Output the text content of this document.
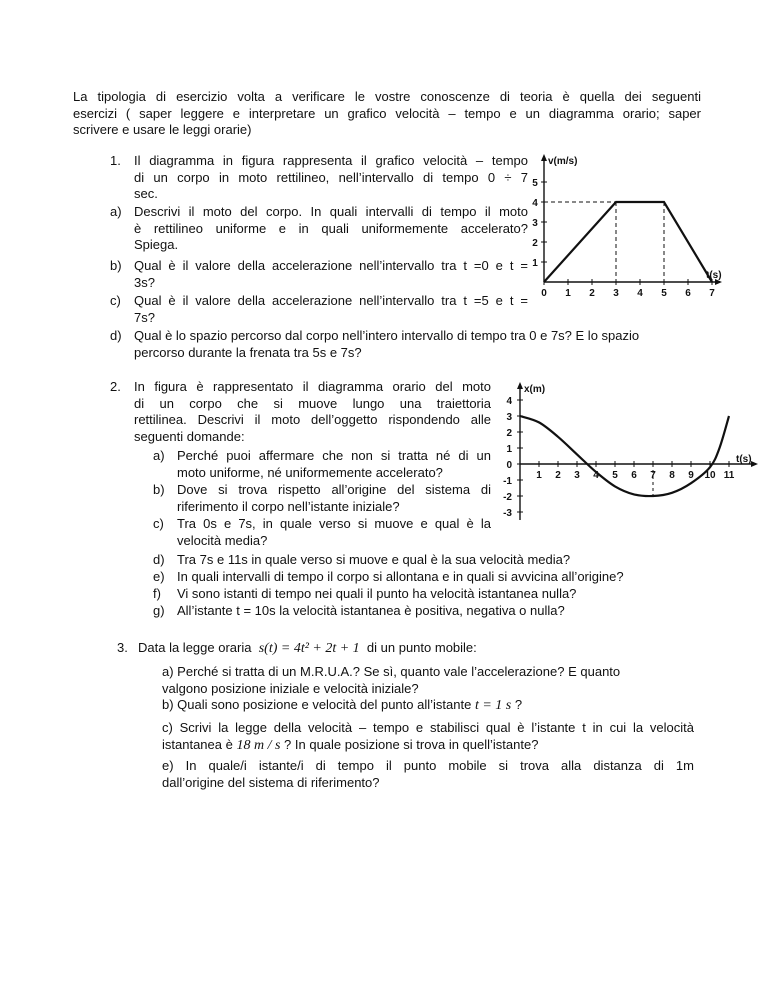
La tipologia di esercizio volta a verificare le vostre conoscenze di teoria è quella dei seguenti
esercizi ( saper leggere e interpretare un grafico velocità – tempo e un diagramma orario; saper
scrivere e usare le leggi orarie)
1. Il diagramma in figura rappresenta il grafico velocità – tempo
di un corpo in moto rettilineo, nell’intervallo di tempo 0 ÷ 7
sec.
a) Descrivi il moto del corpo. In quali intervalli di tempo il moto
è rettilineo uniforme e in quali uniformemente accelerato?
Spiega.
b) Qual è il valore della accelerazione nell’intervallo tra t =0 e t =
3s?
c) Qual è il valore della accelerazione nell’intervallo tra t =5 e t =
7s?
d) Qual è lo spazio percorso dal corpo nell’intero intervallo di tempo tra 0 e 7s? E lo spazio
percorso durante la frenata tra 5s e 7s?
v(m/s)
t(s)
1
2
3
4
5
0 1 2 3 4 5 6 7
2. In figura è rappresentato il diagramma orario del moto
di un corpo che si muove lungo una traiettoria
rettilinea. Descrivi il moto dell’oggetto rispondendo alle
seguenti domande:
a) Perché puoi affermare che non si tratta né di un
moto uniforme, né uniformemente accelerato?
b) Dove si trova rispetto all’origine del sistema di
riferimento il corpo nell’istante iniziale?
c) Tra 0s e 7s, in quale verso si muove e qual è la
velocità media?
d) Tra 7s e 11s in quale verso si muove e qual è la sua velocità media?
e) In quali intervalli di tempo il corpo si allontana e in quali si avvicina all’origine?
f) Vi sono istanti di tempo nei quali il punto ha velocità istantanea nulla?
g) All’istante t = 10s la velocità istantanea è positiva, negativa o nulla?
x(m)
t(s)
4
3
2
1
0
-1
-2
-3
1 2 3 4 5 6 7 8 9 10 11
3. Data la legge oraria s(t) = 4t² + 2t + 1 di un punto mobile:
a) Perché si tratta di un M.R.U.A.? Se sì, quanto vale l’accelerazione? E quanto
valgono posizione iniziale e velocità iniziale?
b) Quali sono posizione e velocità del punto all’istante t = 1 s ?
c) Scrivi la legge della velocità – tempo e stabilisci qual è l’istante t in cui la velocità
istantanea è 18 m / s ? In quale posizione si trova in quell’istante?
e) In quale/i istante/i di tempo il punto mobile si trova alla distanza di 1m
dall’origine del sistema di riferimento?
